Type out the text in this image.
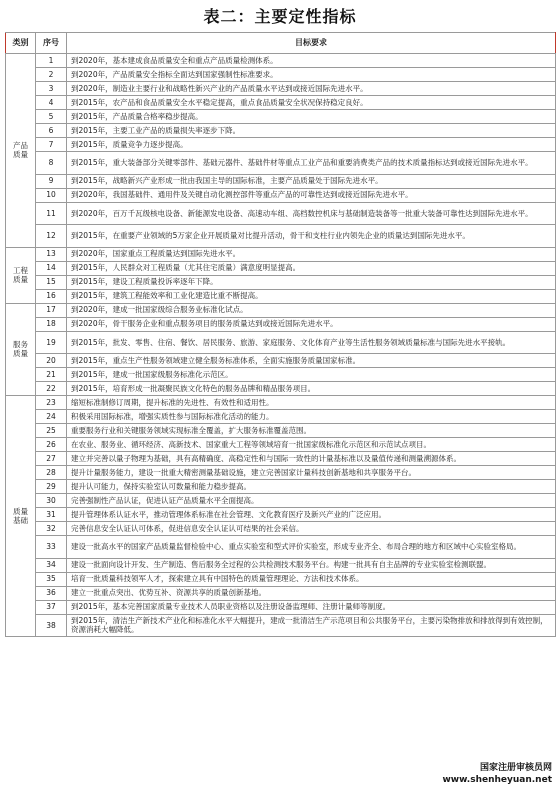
表二：主要定性指标
类别	序号	目标要求
产品
质量	1	到2020年，基本建成食品质量安全和重点产品质量检测体系。
	2	到2020年，产品质量安全指标全面达到国家强制性标准要求。
	3	到2020年，制造业主要行业和战略性新兴产业的产品质量水平达到或接近国际先进水平。
	4	到2015年，农产品和食品质量安全水平稳定提高，重点食品质量安全状况保持稳定良好。
	5	到2015年，产品质量合格率稳步提高。
	6	到2015年，主要工业产品的质量损失率逐步下降。
	7	到2015年，质量竞争力逐步提高。
	8	到2015年，重大装备部分关键零部件、基础元器件、基础件材等重点工业产品和重要消费类产品的技术质量指标达到或接近国际先进水平。
	9	到2015年，战略新兴产业形成一批由我国主导的国际标准，主要产品质量处于国际先进水平。
	10	到2020年，我国基础件、通用件及关键自动化测控部件等重点产品的可靠性达到或接近国际先进水平。
	11	到2020年，百万千瓦级核电设备、新能源发电设备、高速动车组、高档数控机床与基础制造装备等一批重大装备可靠性达到国际先进水平。
	12	到2015年，在重要产业领域的5万家企业开展质量对比提升活动，骨干和支柱行业内领先企业的质量达到国际先进水平。
工程
质量	13	到2020年，国家重点工程质量达到国际先进水平。
	14	到2015年，人民群众对工程质量（尤其住宅质量）满意度明显提高。
	15	到2015年，建设工程质量投诉率逐年下降。
	16	到2015年，建筑工程能效率和工业化建造比重不断提高。
服务
质量	17	到2020年，建成一批国家级综合服务业标准化试点。
	18	到2020年，骨干服务企业和重点服务项目的服务质量达到或接近国际先进水平。
	19	到2015年，批发、零售、住宿、餐饮、居民服务、旅游、家庭服务、文化体育产业等生活性服务领域质量标准与国际先进水平接轨。
	20	到2015年，重点生产性服务领域建立健全服务标准体系，全面实施服务质量国家标准。
	21	到2015年，建成一批国家级服务标准化示范区。
	22	到2015年，培育形成一批凝聚民族文化特色的服务品牌和精品服务项目。
质量
基础	23	缩短标准制修订周期，提升标准的先进性、有效性和适用性。
	24	积极采用国际标准，增强实质性参与国际标准化活动的能力。
	25	重要服务行业和关键服务领域实现标准全覆盖，扩大服务标准覆盖范围。
	26	在农业、服务业、循环经济、高新技术、国家重大工程等领域培育一批国家级标准化示范区和示范试点项目。
	27	建立并完善以量子物理为基础，具有高精确度、高稳定性和与国际一致性的计量基标准以及量值传递和测量溯源体系。
	28	提升计量服务能力，建设一批重大精密测量基础设施，建立完善国家计量科技创新基地和共享服务平台。
	29	提升认可能力，保持实验室认可数量和能力稳步提高。
	30	完善强制性产品认证，促进认证产品质量水平全面提高。
	31	提升管理体系认证水平，推动管理体系标准在社会管理、文化教育医疗及新兴产业的广泛应用。
	32	完善信息安全认证认可体系，促进信息安全认证认可结果的社会采信。
	33	建设一批高水平的国家产品质量监督检验中心、重点实验室和型式评价实验室，形成专业齐全、布局合理的地方和区域中心实验室格局。
	34	建设一批面向设计开发、生产制造、售后服务全过程的公共检测技术服务平台。构建一批具有自主品牌的专业实验室检测联盟。
	35	培育一批质量科技领军人才，探索建立具有中国特色的质量管理理论、方法和技术体系。
	36	建立一批重点突出、优势互补、资源共享的质量创新基地。
	37	到2015年，基本完善国家质量专业技术人员职业资格以及注册设备监理师、注册计量师等制度。
	38	到2015年，清洁生产新技术产业化和标准化水平大幅提升，建成一批清洁生产示范项目和公共服务平台，主要污染物排放和排放得到有效控制，资源消耗大幅降低。
国家注册审核员网
www.shenheyuan.net
